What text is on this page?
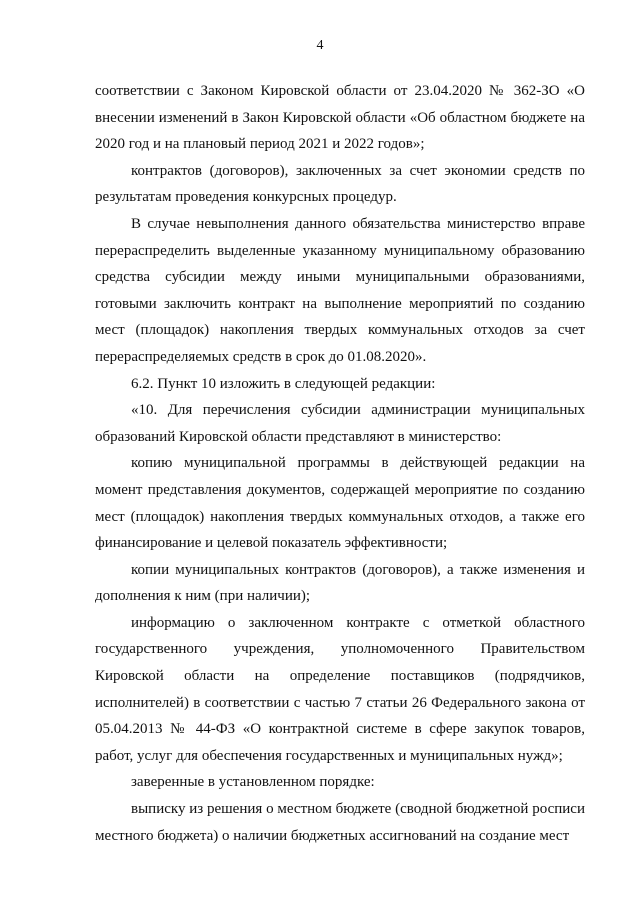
4

соответствии с Законом Кировской области от 23.04.2020 № 362-ЗО «О внесении изменений в Закон Кировской области «Об областном бюджете на 2020 год и на плановый период 2021 и 2022 годов»;

контрактов (договоров), заключенных за счет экономии средств по результатам проведения конкурсных процедур.

В случае невыполнения данного обязательства министерство вправе перераспределить выделенные указанному муниципальному образованию средства субсидии между иными муниципальными образованиями, готовыми заключить контракт на выполнение мероприятий по созданию мест (площадок) накопления твердых коммунальных отходов за счет перераспределяемых средств в срок до 01.08.2020».

6.2. Пункт 10 изложить в следующей редакции:

«10. Для перечисления субсидии администрации муниципальных образований Кировской области представляют в министерство:

копию муниципальной программы в действующей редакции на момент представления документов, содержащей мероприятие по созданию мест (площадок) накопления твердых коммунальных отходов, а также его финансирование и целевой показатель эффективности;

копии муниципальных контрактов (договоров), а также изменения и дополнения к ним (при наличии);

информацию о заключенном контракте с отметкой областного государственного учреждения, уполномоченного Правительством Кировской области на определение поставщиков (подрядчиков, исполнителей) в соответствии с частью 7 статьи 26 Федерального закона от 05.04.2013 № 44-ФЗ «О контрактной системе в сфере закупок товаров, работ, услуг для обеспечения государственных и муниципальных нужд»;

заверенные в установленном порядке:

выписку из решения о местном бюджете (сводной бюджетной росписи местного бюджета) о наличии бюджетных ассигнований на создание мест
